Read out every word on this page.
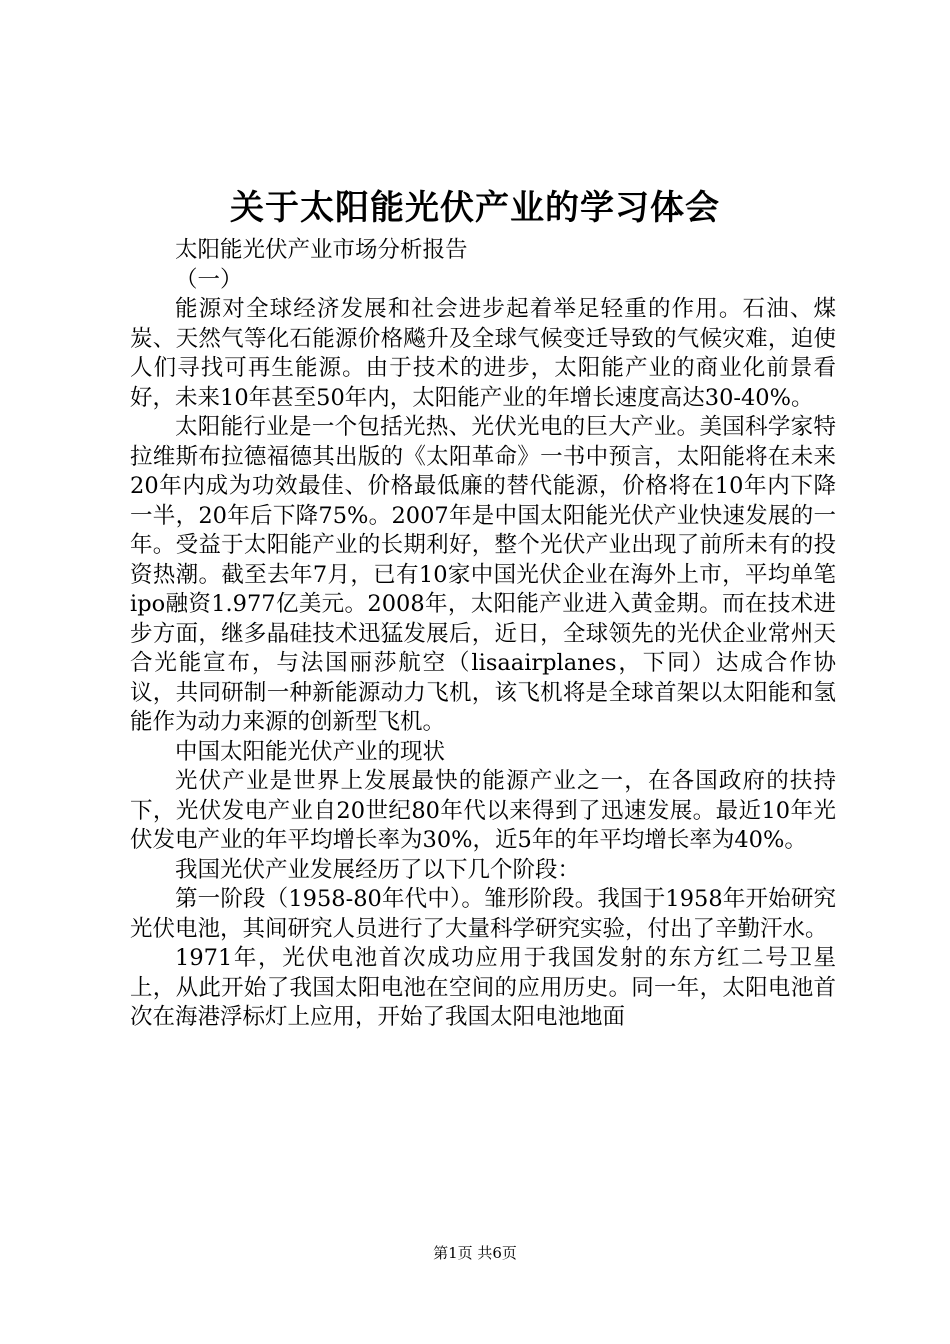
关于太阳能光伏产业的学习体会

太阳能光伏产业市场分析报告

（一）

能源对全球经济发展和社会进步起着举足轻重的作用。石油、煤炭、天然气等化石能源价格飚升及全球气候变迁导致的气候灾难，迫使人们寻找可再生能源。由于技术的进步，太阳能产业的商业化前景看好，未来10年甚至50年内，太阳能产业的年增长速度高达30-40%。

太阳能行业是一个包括光热、光伏光电的巨大产业。美国科学家特拉维斯布拉德福德其出版的《太阳革命》一书中预言，太阳能将在未来20年内成为功效最佳、价格最低廉的替代能源，价格将在10年内下降一半，20年后下降75%。2007年是中国太阳能光伏产业快速发展的一年。受益于太阳能产业的长期利好，整个光伏产业出现了前所未有的投资热潮。截至去年7月，已有10家中国光伏企业在海外上市，平均单笔ipo融资1.977亿美元。2008年，太阳能产业进入黄金期。而在技术进步方面，继多晶硅技术迅猛发展后，近日，全球领先的光伏企业常州天合光能宣布，与法国丽莎航空（lisaairplanes，下同）达成合作协议，共同研制一种新能源动力飞机，该飞机将是全球首架以太阳能和氢能作为动力来源的创新型飞机。

中国太阳能光伏产业的现状

光伏产业是世界上发展最快的能源产业之一，在各国政府的扶持下，光伏发电产业自20世纪80年代以来得到了迅速发展。最近10年光伏发电产业的年平均增长率为30%，近5年的年平均增长率为40%。

我国光伏产业发展经历了以下几个阶段：

第一阶段（1958-80年代中）。雏形阶段。我国于1958年开始研究光伏电池，其间研究人员进行了大量科学研究实验，付出了辛勤汗水。

1971年，光伏电池首次成功应用于我国发射的东方红二号卫星上，从此开始了我国太阳电池在空间的应用历史。同一年，太阳电池首次在海港浮标灯上应用，开始了我国太阳电池地面

第1页 共6页
